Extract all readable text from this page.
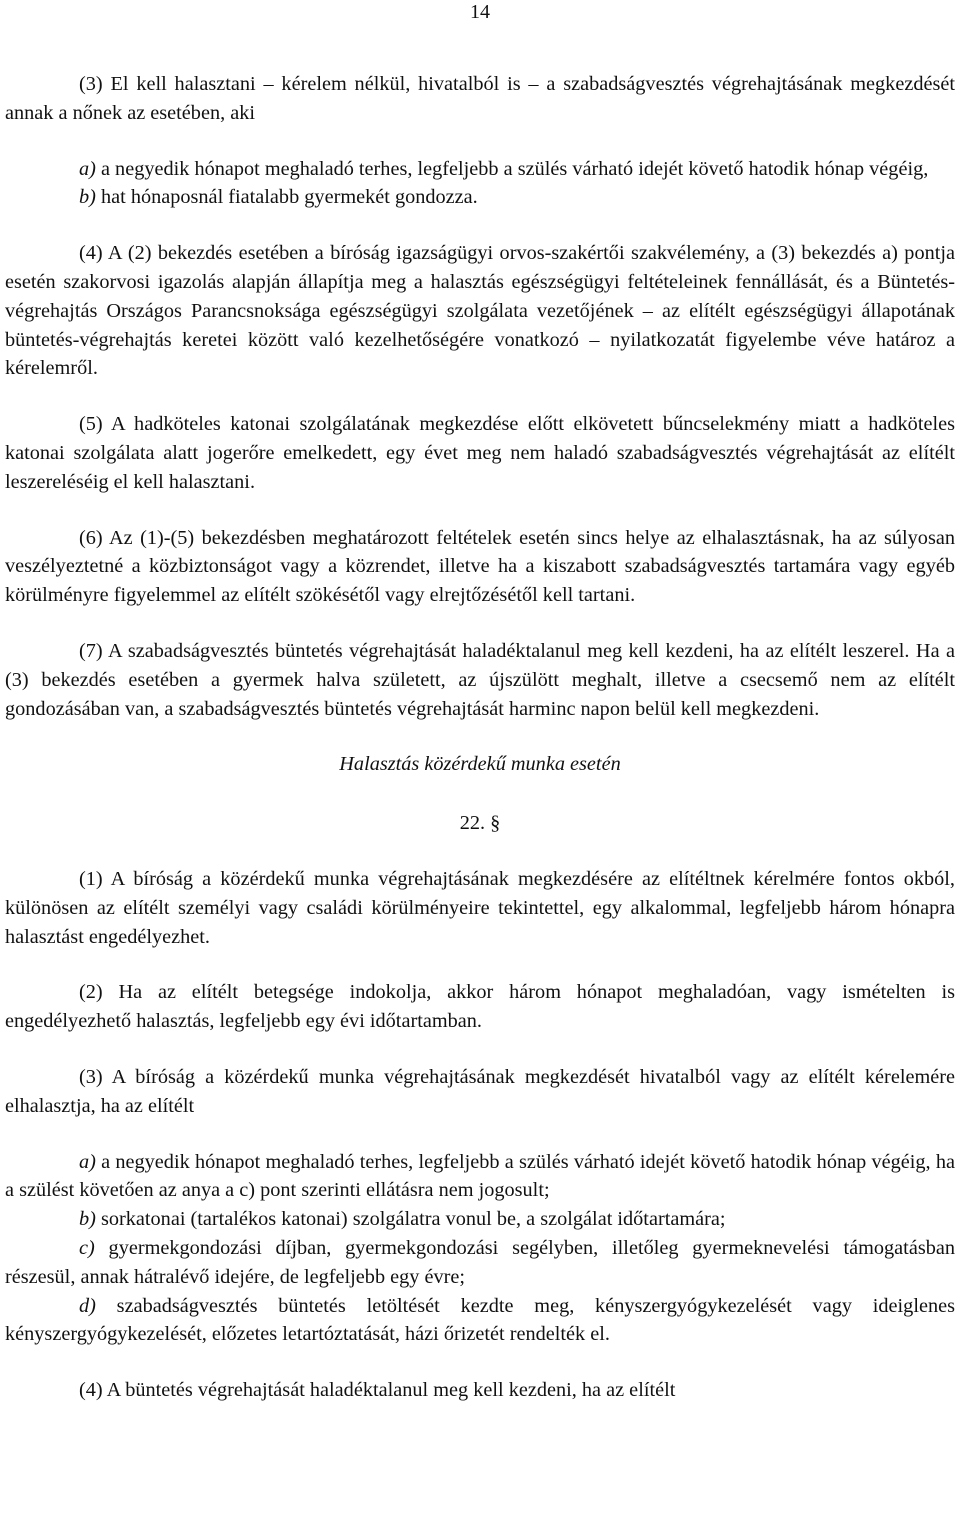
14

(3) El kell halasztani – kérelem nélkül, hivatalból is – a szabadságvesztés végrehajtásának megkezdését annak a nőnek az esetében, aki

a) a negyedik hónapot meghaladó terhes, legfeljebb a szülés várható idejét követő hatodik hónap végéig,

b) hat hónaposnál fiatalabb gyermekét gondozza.

(4) A (2) bekezdés esetében a bíróság igazságügyi orvos-szakértői szakvélemény, a (3) bekezdés a) pontja esetén szakorvosi igazolás alapján állapítja meg a halasztás egészségügyi feltételeinek fennállását, és a Büntetés-végrehajtás Országos Parancsnoksága egészségügyi szolgálata vezetőjének – az elítélt egészségügyi állapotának büntetés-végrehajtás keretei között való kezelhetőségére vonatkozó – nyilatkozatát figyelembe véve határoz a kérelemről.

(5) A hadköteles katonai szolgálatának megkezdése előtt elkövetett bűncselekmény miatt a hadköteles katonai szolgálata alatt jogerőre emelkedett, egy évet meg nem haladó szabadságvesztés végrehajtását az elítélt leszereléséig el kell halasztani.

(6) Az (1)-(5) bekezdésben meghatározott feltételek esetén sincs helye az elhalasztásnak, ha az súlyosan veszélyeztetné a közbiztonságot vagy a közrendet, illetve ha a kiszabott szabadságvesztés tartamára vagy egyéb körülményre figyelemmel az elítélt szökésétől vagy elrejtőzésétől kell tartani.

(7) A szabadságvesztés büntetés végrehajtását haladéktalanul meg kell kezdeni, ha az elítélt leszerel. Ha a (3) bekezdés esetében a gyermek halva született, az újszülött meghalt, illetve a csecsemő nem az elítélt gondozásában van, a szabadságvesztés büntetés végrehajtását harminc napon belül kell megkezdeni.

Halasztás közérdekű munka esetén

22. §

(1) A bíróság a közérdekű munka végrehajtásának megkezdésére az elítéltnek kérelmére fontos okból, különösen az elítélt személyi vagy családi körülményeire tekintettel, egy alkalommal, legfeljebb három hónapra halasztást engedélyezhet.

(2) Ha az elítélt betegsége indokolja, akkor három hónapot meghaladóan, vagy ismételten is engedélyezhető halasztás, legfeljebb egy évi időtartamban.

(3) A bíróság a közérdekű munka végrehajtásának megkezdését hivatalból vagy az elítélt kérelemére elhalasztja, ha az elítélt

a) a negyedik hónapot meghaladó terhes, legfeljebb a szülés várható idejét követő hatodik hónap végéig, ha a szülést követően az anya a c) pont szerinti ellátásra nem jogosult;

b) sorkatonai (tartalékos katonai) szolgálatra vonul be, a szolgálat időtartamára;

c) gyermekgondozási díjban, gyermekgondozási segélyben, illetőleg gyermeknevelési támogatásban részesül, annak hátralévő idejére, de legfeljebb egy évre;

d) szabadságvesztés büntetés letöltését kezdte meg, kényszergyógykezelését vagy ideiglenes kényszergyógykezelését, előzetes letartóztatását, házi őrizetét rendelték el.

(4) A büntetés végrehajtását haladéktalanul meg kell kezdeni, ha az elítélt
